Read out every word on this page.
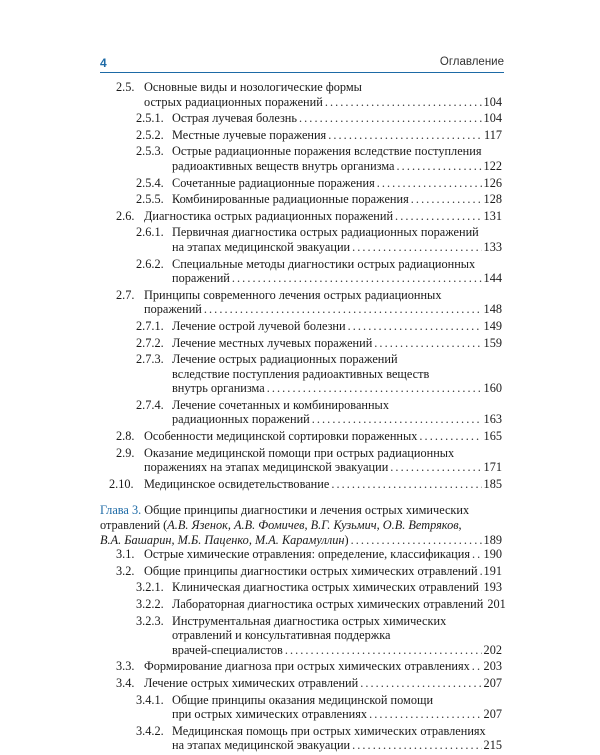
4	Оглавление
2.5. Основные виды и нозологические формы
острых радиационных поражений . . .	104
2.5.1. Острая лучевая болезнь . . .	104
2.5.2. Местные лучевые поражения . . .	117
2.5.3. Острые радиационные поражения вследствие поступления
радиоактивных веществ внутрь организма . . .	122
2.5.4. Сочетанные радиационные поражения . . .	126
2.5.5. Комбинированные радиационные поражения . . .	128
2.6. Диагностика острых радиационных поражений . . .	131
2.6.1. Первичная диагностика острых радиационных поражений
на этапах медицинской эвакуации . . .	133
2.6.2. Специальные методы диагностики острых радиационных
поражений . . .	144
2.7. Принципы современного лечения острых радиационных
поражений . . .	148
2.7.1. Лечение острой лучевой болезни . . .	149
2.7.2. Лечение местных лучевых поражений . . .	159
2.7.3. Лечение острых радиационных поражений
вследствие поступления радиоактивных веществ
внутрь организма . . .	160
2.7.4. Лечение сочетанных и комбинированных
радиационных поражений . . .	163
2.8. Особенности медицинской сортировки пораженных . . .	165
2.9. Оказание медицинской помощи при острых радиационных
поражениях на этапах медицинской эвакуации . . .	171
2.10. Медицинское освидетельствование . . .	185
Глава 3. Общие принципы диагностики и лечения острых химических
отравлений (А.В. Язенок, А.В. Фомичев, В.Г. Кузьмич, О.В. Ветряков,
В.А. Башарин, М.Б. Паценко, М.А. Карамуллин) . . .	189
3.1. Острые химические отравления: определение, классификация . . . 190
3.2. Общие принципы диагностики острых химических отравлений . . . 191
3.2.1. Клиническая диагностика острых химических отравлений . . . 193
3.2.2. Лабораторная диагностика острых химических отравлений 201
3.2.3. Инструментальная диагностика острых химических
отравлений и консультативная поддержка
врачей-специалистов . . .	202
3.3. Формирование диагноза при острых химических отравлениях . . . 203
3.4. Лечение острых химических отравлений . . .	207
3.4.1. Общие принципы оказания медицинской помощи
при острых химических отравлениях . . .	207
3.4.2. Медицинская помощь при острых химических отравлениях
на этапах медицинской эвакуации . . .	215
